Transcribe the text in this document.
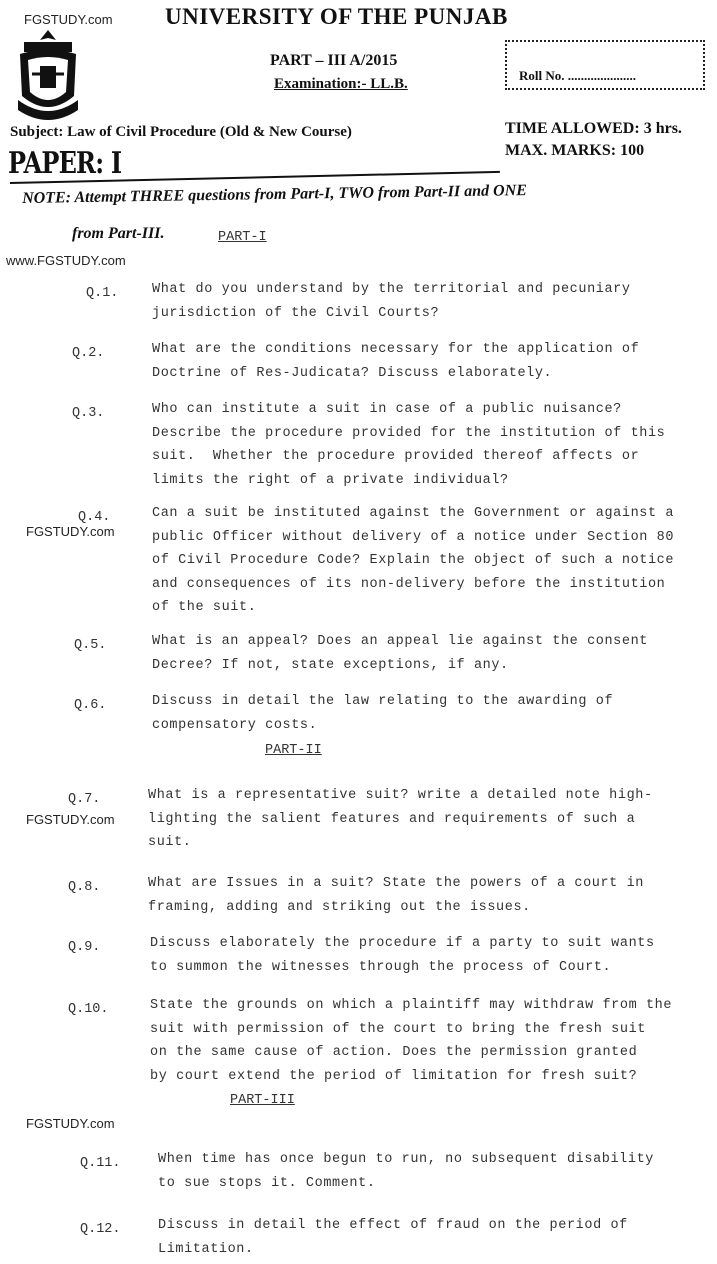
FGSTUDY.com
www.FGSTUDY.com
FGSTUDY.com
FGSTUDY.com
FGSTUDY.com
UNIVERSITY OF THE PUNJAB
PART – III A/2015
Examination:- LL.B.
Roll No. .....................
Subject: Law of Civil Procedure (Old & New Course)	TIME ALLOWED: 3 hrs.
MAX. MARKS: 100
PAPER: I
NOTE: Attempt THREE questions from Part-I, TWO from Part-II and ONE
from Part-III.	PART-I
PART-II
PART-III
Q.1. What do you understand by the territorial and pecuniary
jurisdiction of the Civil Courts?
Q.2.	What are the conditions necessary for the application of
Doctrine of Res-Judicata? Discuss elaborately.
Q.3.	Who can institute a suit in case of a public nuisance?
Describe the procedure provided for the institution of this
suit.  Whether the procedure provided thereof affects or
limits the right of a private individual?
Q.4.	Can a suit be instituted against the Government or against a
public Officer without delivery of a notice under Section 80
of Civil Procedure Code? Explain the object of such a notice
and consequences of its non-delivery before the institution
of the suit.
Q.5.	What is an appeal? Does an appeal lie against the consent
Decree? If not, state exceptions, if any.
Q.6.	Discuss in detail the law relating to the awarding of
compensatory costs.
Q.7.	What is a representative suit? write a detailed note high-
lighting the salient features and requirements of such a
suit.
Q.8.	What are Issues in a suit? State the powers of a court in
framing, adding and striking out the issues.
Q.9.	Discuss elaborately the procedure if a party to suit wants
to summon the witnesses through the process of Court.
Q.10.	State the grounds on which a plaintiff may withdraw from the
suit with permission of the court to bring the fresh suit
on the same cause of action. Does the permission granted
by court extend the period of limitation for fresh suit?
Q.11.	When time has once begun to run, no subsequent disability
to sue stops it. Comment.
Q.12.	Discuss in detail the effect of fraud on the period of
Limitation.
